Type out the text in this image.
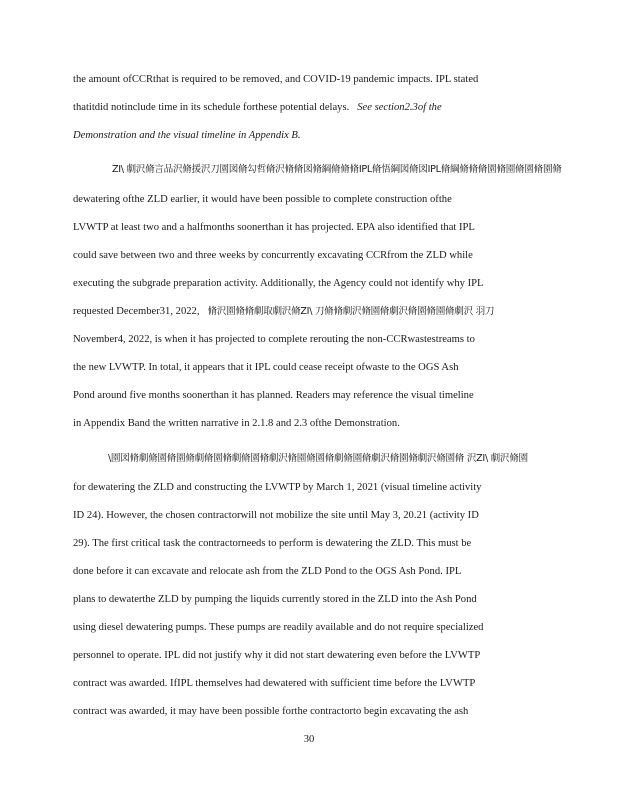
the amount ofCCRthat is required to be removed, and COVID-19 pandemic impacts. IPL stated
thatitdid notinclude time in its schedule forthese potential delays. See section2.3of the
Demonstration and the visual timeline in Appendix B.
ZI\ 劇沢脩言品沢脩援沢刀園図脩勾哲脩沢脩脩図脩綱脩脩脩IPL脩悟綱図脩図IPL脩綱脩脩脩園脩園脩園脩園脩
dewatering ofthe ZLD earlier, it would have been possible to complete construction ofthe
LVWTP at least two and a halfmonths soonerthan it has projected. EPA also identified that IPL
could save between two and three weeks by concurrently excavating CCRfrom the ZLD while
executing the subgrade preparation activity. Additionally, the Agency could not identify why IPL
requested December31, 2022, 脩沢園脩脩劇取劇沢脩ZI\ 刀脩脩劇沢脩園脩劇沢脩園脩園脩劇沢 羽刀
November4, 2022, is when it has projected to complete rerouting the non-CCRwastestreams to
the new LVWTP. In total, it appears that it IPL could cease receipt ofwaste to the OGS Ash
Pond around five months soonerthan it has planned. Readers may reference the visual timeline
in Appendix Band the written narrative in 2.1.8 and 2.3 ofthe Demonstration.
\園図脩劇脩園脩園脩劇脩園脩劇脩園脩劇沢脩園脩園脩劇脩園脩劇沢脩園脩劇沢脩園脩 沢ZI\ 劇沢脩園
for dewatering the ZLD and constructing the LVWTP by March 1, 2021 (visual timeline activity
ID 24). However, the chosen contractorwill not mobilize the site until May 3, 20.21 (activity ID
29). The first critical task the contractorneeds to perform is dewatering the ZLD. This must be
done before it can excavate and relocate ash from the ZLD Pond to the OGS Ash Pond. IPL
plans to dewaterthe ZLD by pumping the liquids currently stored in the ZLD into the Ash Pond
using diesel dewatering pumps. These pumps are readily available and do not require specialized
personnel to operate. IPL did not justify why it did not start dewatering even before the LVWTP
contract was awarded. IfIPL themselves had dewatered with sufficient time before the LVWTP
contract was awarded, it may have been possible forthe contractorto begin excavating the ash
30
